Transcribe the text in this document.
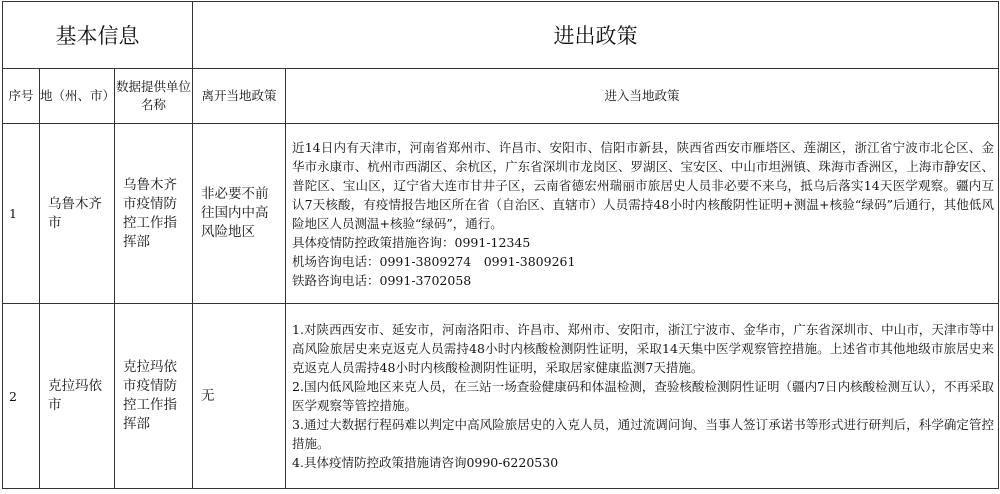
基本信息			进出政策	
序号	地（州、市）	数据提供单位名称	离开当地政策	进入当地政策
1	乌鲁木齐市	乌鲁木齐市疫情防控工作指挥部	非必要不前往国内中高风险地区	近14日内有天津市，河南省郑州市、许昌市、安阳市、信阳市新县，陕西省西安市雁塔区、莲湖区，浙江省宁波市北仑区、金华市永康市、杭州市西湖区、余杭区，广东省深圳市龙岗区、罗湖区、宝安区、中山市坦洲镇、珠海市香洲区，上海市静安区、普陀区、宝山区，辽宁省大连市甘井子区，云南省德宏州瑞丽市旅居史人员非必要不来乌，抵乌后落实14天医学观察。疆内互认7天核酸，有疫情报告地区所在省（自治区、直辖市）人员需持48小时内核酸阴性证明+测温+核验“绿码”后通行，其他低风险地区人员测温+核验“绿码”，通行。

具体疫情防控政策措施咨询：0991-12345

机场咨询电话：0991-3809274　0991-3809261

铁路咨询电话：0991-3702058

2	克拉玛依市	克拉玛依市疫情防控工作指挥部	无	1.对陕西西安市、延安市，河南洛阳市、许昌市、郑州市、安阳市，浙江宁波市、金华市，广东省深圳市、中山市，天津市等中高风险旅居史来克返克人员需持48小时内核酸检测阴性证明，采取14天集中医学观察管控措施。上述省市其他地级市旅居史来克返克人员需持48小时内核酸检测阴性证明，采取居家健康监测7天措施。

2.国内低风险地区来克人员，在三站一场查验健康码和体温检测，查验核酸检测阴性证明（疆内7日内核酸检测互认），不再采取医学观察等管控措施。

3.通过大数据行程码难以判定中高风险旅居史的入克人员，通过流调问询、当事人签订承诺书等形式进行研判后，科学确定管控措施。

4.具体疫情防控政策措施请咨询0990-6220530
